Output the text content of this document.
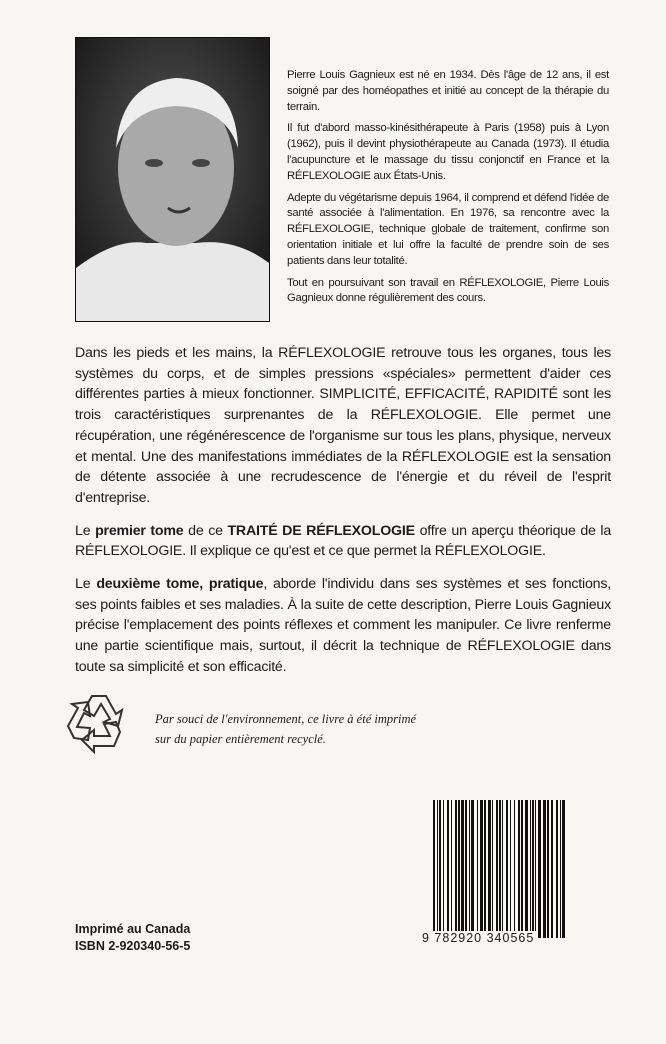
Pierre Louis Gagnieux est né en 1934. Dès l'âge de 12 ans, il est soigné par des homéopathes et initié au concept de la thérapie du terrain.

Il fut d'abord masso-kinésithérapeute à Paris (1958) puis à Lyon (1962), puis il devint physiothérapeute au Canada (1973). Il étudia l'acupuncture et le massage du tissu conjonctif en France et la RÉFLEXOLOGIE aux États-Unis.

Adepte du végétarisme depuis 1964, il comprend et défend l'idée de santé associée à l'alimentation. En 1976, sa rencontre avec la RÉFLEXOLOGIE, technique globale de traitement, confirme son orientation initiale et lui offre la faculté de prendre soin de ses patients dans leur totalité.

Tout en poursuivant son travail en RÉFLEXOLOGIE, Pierre Louis Gagnieux donne régulièrement des cours.

Dans les pieds et les mains, la RÉFLEXOLOGIE retrouve tous les organes, tous les systèmes du corps, et de simples pressions «spéciales» permettent d'aider ces différentes parties à mieux fonctionner. SIMPLICITÉ, EFFICACITÉ, RAPIDITÉ sont les trois caractéristiques surprenantes de la RÉFLEXOLOGIE. Elle permet une récupération, une régénérescence de l'organisme sur tous les plans, physique, nerveux et mental. Une des manifestations immédiates de la RÉFLEXOLOGIE est la sensation de détente associée à une recrudescence de l'énergie et du réveil de l'esprit d'entreprise.

Le premier tome de ce TRAITÉ DE RÉFLEXOLOGIE offre un aperçu théorique de la RÉFLEXOLOGIE. Il explique ce qu'est et ce que permet la RÉFLEXOLOGIE.

Le deuxième tome, pratique, aborde l'individu dans ses systèmes et ses fonctions, ses points faibles et ses maladies. À la suite de cette description, Pierre Louis Gagnieux précise l'emplacement des points réflexes et comment les manipuler. Ce livre renferme une partie scientifique mais, surtout, il décrit la technique de RÉFLEXOLOGIE dans toute sa simplicité et son efficacité.

Par souci de l'environnement, ce livre à été imprimé
sur du papier entièrement recyclé.
Imprimé au Canada
ISBN 2-920340-56-5
9 782920 340565
